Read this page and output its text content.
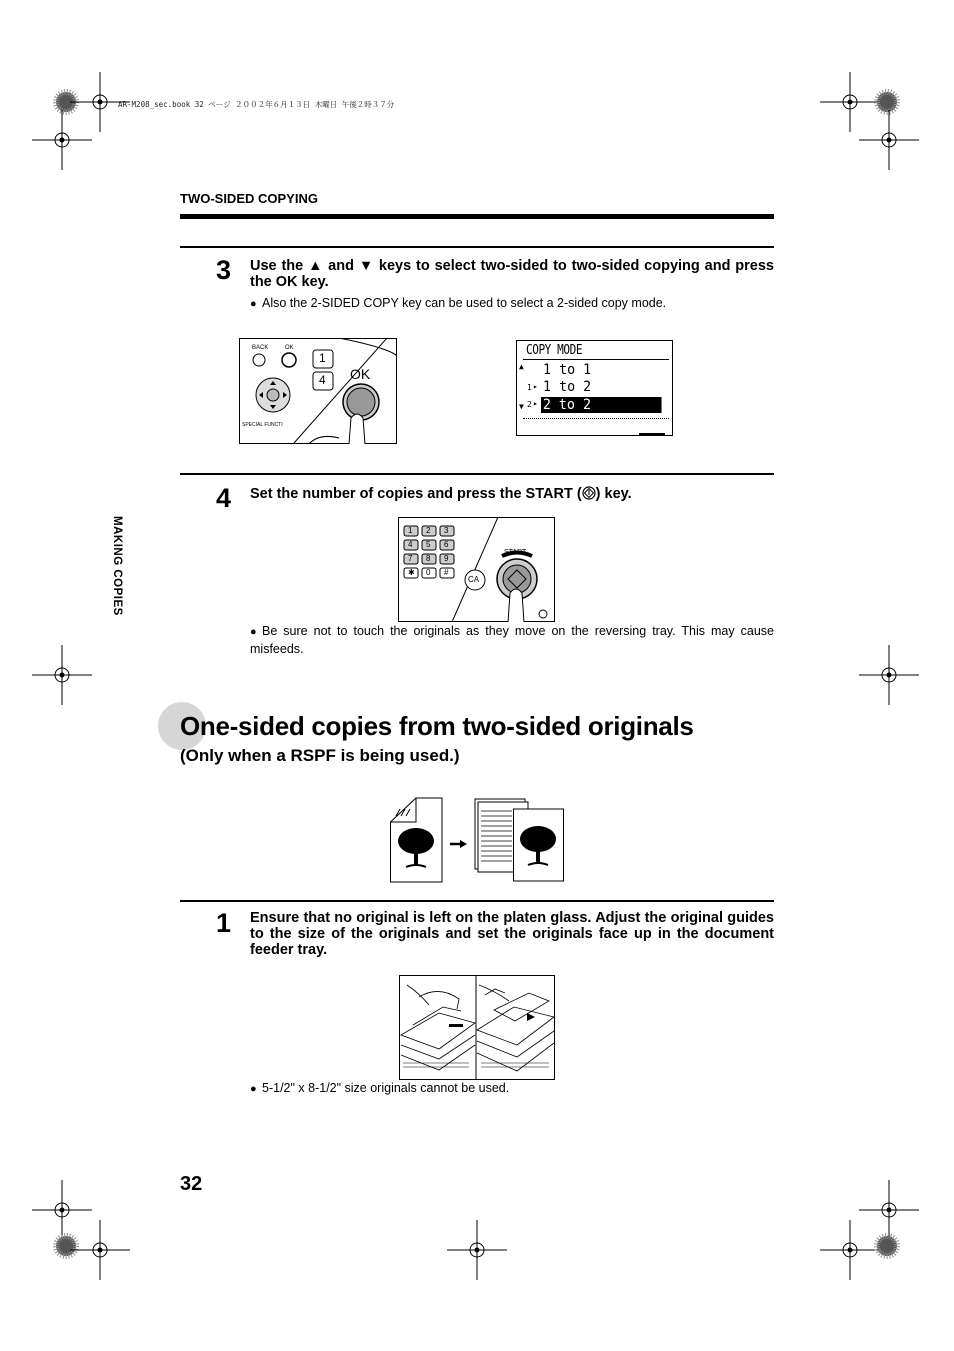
AR-M208_sec.book 32 ページ ２００２年６月１３日 木曜日 午後２時３７分
TWO-SIDED COPYING
MAKING COPIES
3 Use the ▲ and ▼ keys to select two-sided to two-sided copying and press the OK key.
● Also the 2-SIDED COPY key can be used to select a 2-sided copy mode.
BACK	OK
1
4 OK
SPECIAL FUNCTI
COPY MODE
▲ 1 to 1
1 ▸ 1 to 2
▼ 2 ▸ 2 to 2
4 Set the number of copies and press the START ( ) key.
1 2 3
4 5 6
7 8 9
✱ 0 #
START
CA
● Be sure not to touch the originals as they move on the reversing tray. This may cause misfeeds.
One-sided copies from two-sided originals
(Only when a RSPF is being used.)
1 Ensure that no original is left on the platen glass. Adjust the original guides to the size of the originals and set the originals face up in the document feeder tray.
● 5-1/2" x 8-1/2" size originals cannot be used.
32
